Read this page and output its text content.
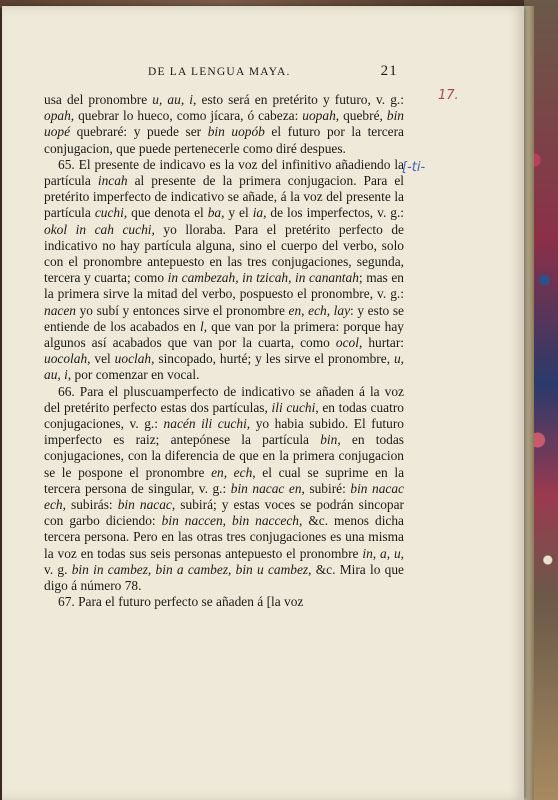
DE LA LENGUA MAYA.	21
17.
[-ti-

usa del pronombre u, au, i, esto será en pretérito y futuro, v. g.: opah, quebrar lo hueco, como jícara, ó cabeza: uopah, quebré, bin uopé quebraré: y puede ser bin uopób el futuro por la tercera conjugacion, que puede pertenecerle como diré despues.

65. El presente de indicavo es la voz del infinitivo añadiendo la partícula incah al presente de la primera conjugacion. Para el pretérito imperfecto de indicativo se añade, á la voz del presente la partícula cuchi, que denota el ba, y el ia, de los imperfectos, v. g.: okol in cah cuchi, yo lloraba. Para el pretérito perfecto de indicativo no hay partícula alguna, sino el cuerpo del verbo, solo con el pronombre antepuesto en las tres conjugaciones, segunda, tercera y cuarta; como in cambezah, in tzicah, in canantah; mas en la primera sirve la mitad del verbo, pospuesto el pronombre, v. g.: nacen yo subí y entonces sirve el pronombre en, ech, lay: y esto se entiende de los acabados en l, que van por la primera: porque hay algunos así acabados que van por la cuarta, como ocol, hurtar: uocolah, vel uoclah, sincopado, hurté; y les sirve el pronombre, u, au, i, por comenzar en vocal.

66. Para el pluscuamperfecto de indicativo se añaden á la voz del pretérito perfecto estas dos partículas, ili cuchi, en todas cuatro conjugaciones, v. g.: nacén ili cuchi, yo habia subido. El futuro imperfecto es raiz; antepónese la partícula bin, en todas conjugaciones, con la diferencia de que en la primera conjugacion se le pospone el pronombre en, ech, el cual se suprime en la tercera persona de singular, v. g.: bin nacac en, subiré: bin nacac ech, subirás: bin nacac, subirá; y estas voces se podrán sincopar con garbo diciendo: bin naccen, bin naccech, &c. menos dicha tercera persona. Pero en las otras tres conjugaciones es una misma la voz en todas sus seis personas antepuesto el pronombre in, a, u, v. g. bin in cambez, bin a cambez, bin u cambez, &c. Mira lo que digo á número 78.

67. Para el futuro perfecto se añaden á [la voz
